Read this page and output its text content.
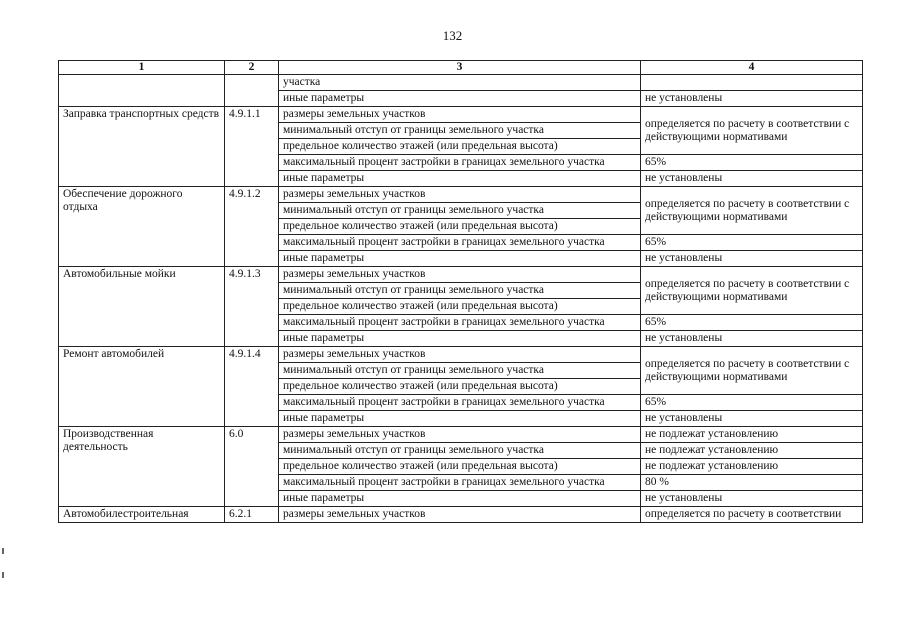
132
1	2	3	4
		участка	
		иные параметры	не установлены
Заправка транспортных средств	4.9.1.1	размеры земельных участков	определяется по расчету в соответствии с действующими нормативами
		минимальный отступ от границы земельного участка	
		предельное количество этажей (или предельная высота)	
		максимальный процент застройки в границах земельного участка	65%
		иные параметры	не установлены
Обеспечение дорожного отдыха	4.9.1.2	размеры земельных участков	определяется по расчету в соответствии с действующими нормативами
		минимальный отступ от границы земельного участка	
		предельное количество этажей (или предельная высота)	
		максимальный процент застройки в границах земельного участка	65%
		иные параметры	не установлены
Автомобильные мойки	4.9.1.3	размеры земельных участков	определяется по расчету в соответствии с действующими нормативами
		минимальный отступ от границы земельного участка	
		предельное количество этажей (или предельная высота)	
		максимальный процент застройки в границах земельного участка	65%
		иные параметры	не установлены
Ремонт автомобилей	4.9.1.4	размеры земельных участков	определяется по расчету в соответствии с действующими нормативами
		минимальный отступ от границы земельного участка	
		предельное количество этажей (или предельная высота)	
		максимальный процент застройки в границах земельного участка	65%
		иные параметры	не установлены
Производственная деятельность	6.0	размеры земельных участков	не подлежат установлению
		минимальный отступ от границы земельного участка	не подлежат установлению
		предельное количество этажей (или предельная высота)	не подлежат установлению
		максимальный процент застройки в границах земельного участка	80 %
		иные параметры	не установлены
Автомобилестроительная	6.2.1	размеры земельных участков	определяется по расчету в соответствии
